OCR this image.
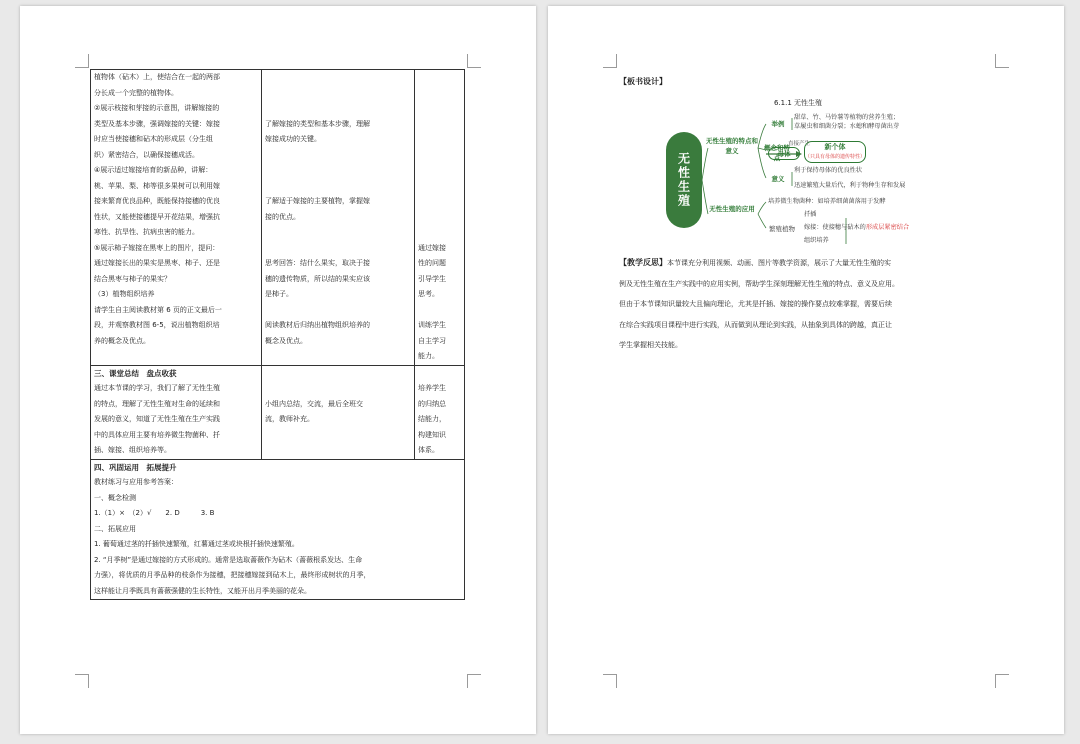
植物体（砧木）上，使结合在一起的两部

分长成一个完整的植物体。

②展示枝接和芽接的示意图，讲解嫁接的

类型及基本步骤，强调嫁接的关键：嫁接

时应当使接穗和砧木的形成层（分生组

织）紧密结合，以确保接穗成活。

④展示适过嫁接培育的新品种，讲解：

桃、苹果、梨、柿等很多果树可以利用嫁

接来繁育优良品种，既能保持接穗的优良

性状，又能使接穗提早开花结果，增强抗

寒性、抗旱性、抗病虫害的能力。

⑤展示柿子嫁接在黑枣上的图片，提问：

通过嫁接长出的果实是黑枣、柿子、还是

结合黑枣与柿子的果实？

（3）植物组织培养

请学生自主阅读教材第 6 页的正文最后一

段，并观察教材图 6-5，说出植物组织培

养的概念及优点。

了解嫁接的类型和基本步骤，理解

嫁接成功的关键。

了解适于嫁接的主要植物，掌握嫁

接的优点。

思考回答：结什么果实，取决于接

穗的遗传物质，所以结的果实应该

是柿子。

阅读教材后归纳出植物组织培养的

概念及优点。

通过嫁接

性的问题

引导学生

思考。

训练学生

自主学习

能力。

三、课堂总结　盘点收获

通过本节课的学习，我们了解了无性生殖

的特点，理解了无性生殖对生命的延续和

发展的意义，知道了无性生殖在生产实践

中的具体应用主要有培养微生物菌种、扦

插、嫁接、组织培养等。

小组内总结，交流，最后全班交

流，教师补充。

培养学生

的归纳总

结能力，

构建知识

体系。

四、巩固运用　拓展提升

教材练习与应用参考答案：

一、概念检测

1.（1）×　（2）√　　2. D　　　3. B

二、拓展应用

1. 葡萄通过茎的扦插快速繁殖，红薯通过茎或块根扦插快速繁殖。

2. “月季树”是通过嫁接的方式形成的。通常是选取蔷薇作为砧木（蔷薇根系发达、生命

力强），将优质的月季品种的枝条作为接穗，把接穗嫁接到砧木上，最终形成树状的月季，

这样能让月季既具有蔷薇强健的生长特性，又能开出月季美丽的花朵。

【板书设计】
6.1.1 无性生殖
无性生殖
无性生殖的特点和意义
无性生殖的应用
举例
甜草、竹、马铃薯等植物的营养生殖；
草履虫和细菌分裂；水螅和酵母菌出芽
概念和特点
母体
直接产生	新个体
（只具有母体的遗传特性）
意义
利于保持母体的优良性状
迅速繁殖大量后代，利于物种生存和发展
培养微生物菌种：如培养细菌菌落用于发酵
繁殖植物
扦插
嫁接：使接穗与砧木的形成层紧密结合
组织培养

【教学反思】本节课充分利用视频、动画、图片等教学资源，展示了大量无性生殖的实

例及无性生殖在生产实践中的应用实例，帮助学生深刻理解无性生殖的特点、意义及应用。

但由于本节课知识量较大且偏向理论，尤其是扦插、嫁接的操作要点较难掌握，需要后续

在综合实践项目课程中进行实践，从而做到从理论到实践，从抽象到具体的跨越，真正让

学生掌握相关技能。
